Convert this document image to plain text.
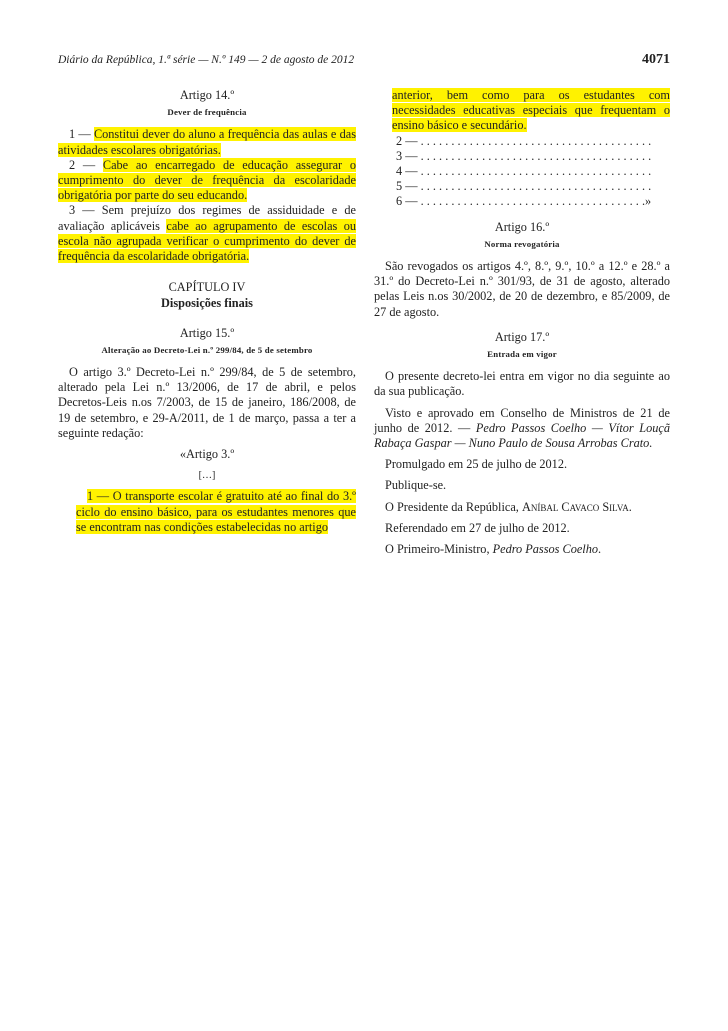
Diário da República, 1.ª série — N.º 149 — 2 de agosto de 2012	4071

Artigo 14.º

Dever de frequência

1 — Constitui dever do aluno a frequência das aulas e das atividades escolares obrigatórias.

2 — Cabe ao encarregado de educação assegurar o cumprimento do dever de frequência da escolaridade obrigatória por parte do seu educando.

3 — Sem prejuízo dos regimes de assiduidade e de avaliação aplicáveis cabe ao agrupamento de escolas ou escola não agrupada verificar o cumprimento do dever de frequência da escolaridade obrigatória.

CAPÍTULO IV

Disposições finais

Artigo 15.º

Alteração ao Decreto-Lei n.º 299/84, de 5 de setembro

O artigo 3.º Decreto-Lei n.º 299/84, de 5 de setembro, alterado pela Lei n.º 13/2006, de 17 de abril, e pelos Decretos-Leis n.os 7/2003, de 15 de janeiro, 186/2008, de 19 de setembro, e 29-A/2011, de 1 de março, passa a ter a seguinte redação:

«Artigo 3.º

[…]

1 — O transporte escolar é gratuito até ao final do 3.º ciclo do ensino básico, para os estudantes menores que se encontram nas condições estabelecidas no artigo

anterior, bem como para os estudantes com necessidades educativas especiais que frequentam o ensino básico e secundário.

2 — . . . . . . . . . . . . . . . . . . . . . . . . . . . . . . . . . . . . . .

3 — . . . . . . . . . . . . . . . . . . . . . . . . . . . . . . . . . . . . . .

4 — . . . . . . . . . . . . . . . . . . . . . . . . . . . . . . . . . . . . . .

5 — . . . . . . . . . . . . . . . . . . . . . . . . . . . . . . . . . . . . . .

6 — . . . . . . . . . . . . . . . . . . . . . . . . . . . . . . . . . . . . .»

Artigo 16.º

Norma revogatória

São revogados os artigos 4.º, 8.º, 9.º, 10.º a 12.º e 28.º a 31.º do Decreto-Lei n.º 301/93, de 31 de agosto, alterado pelas Leis n.os 30/2002, de 20 de dezembro, e 85/2009, de 27 de agosto.

Artigo 17.º

Entrada em vigor

O presente decreto-lei entra em vigor no dia seguinte ao da sua publicação.

Visto e aprovado em Conselho de Ministros de 21 de junho de 2012. — Pedro Passos Coelho — Vítor Louçã Rabaça Gaspar — Nuno Paulo de Sousa Arrobas Crato.

Promulgado em 25 de julho de 2012.

Publique-se.

O Presidente da República, Aníbal Cavaco Silva.

Referendado em 27 de julho de 2012.

O Primeiro-Ministro, Pedro Passos Coelho.
